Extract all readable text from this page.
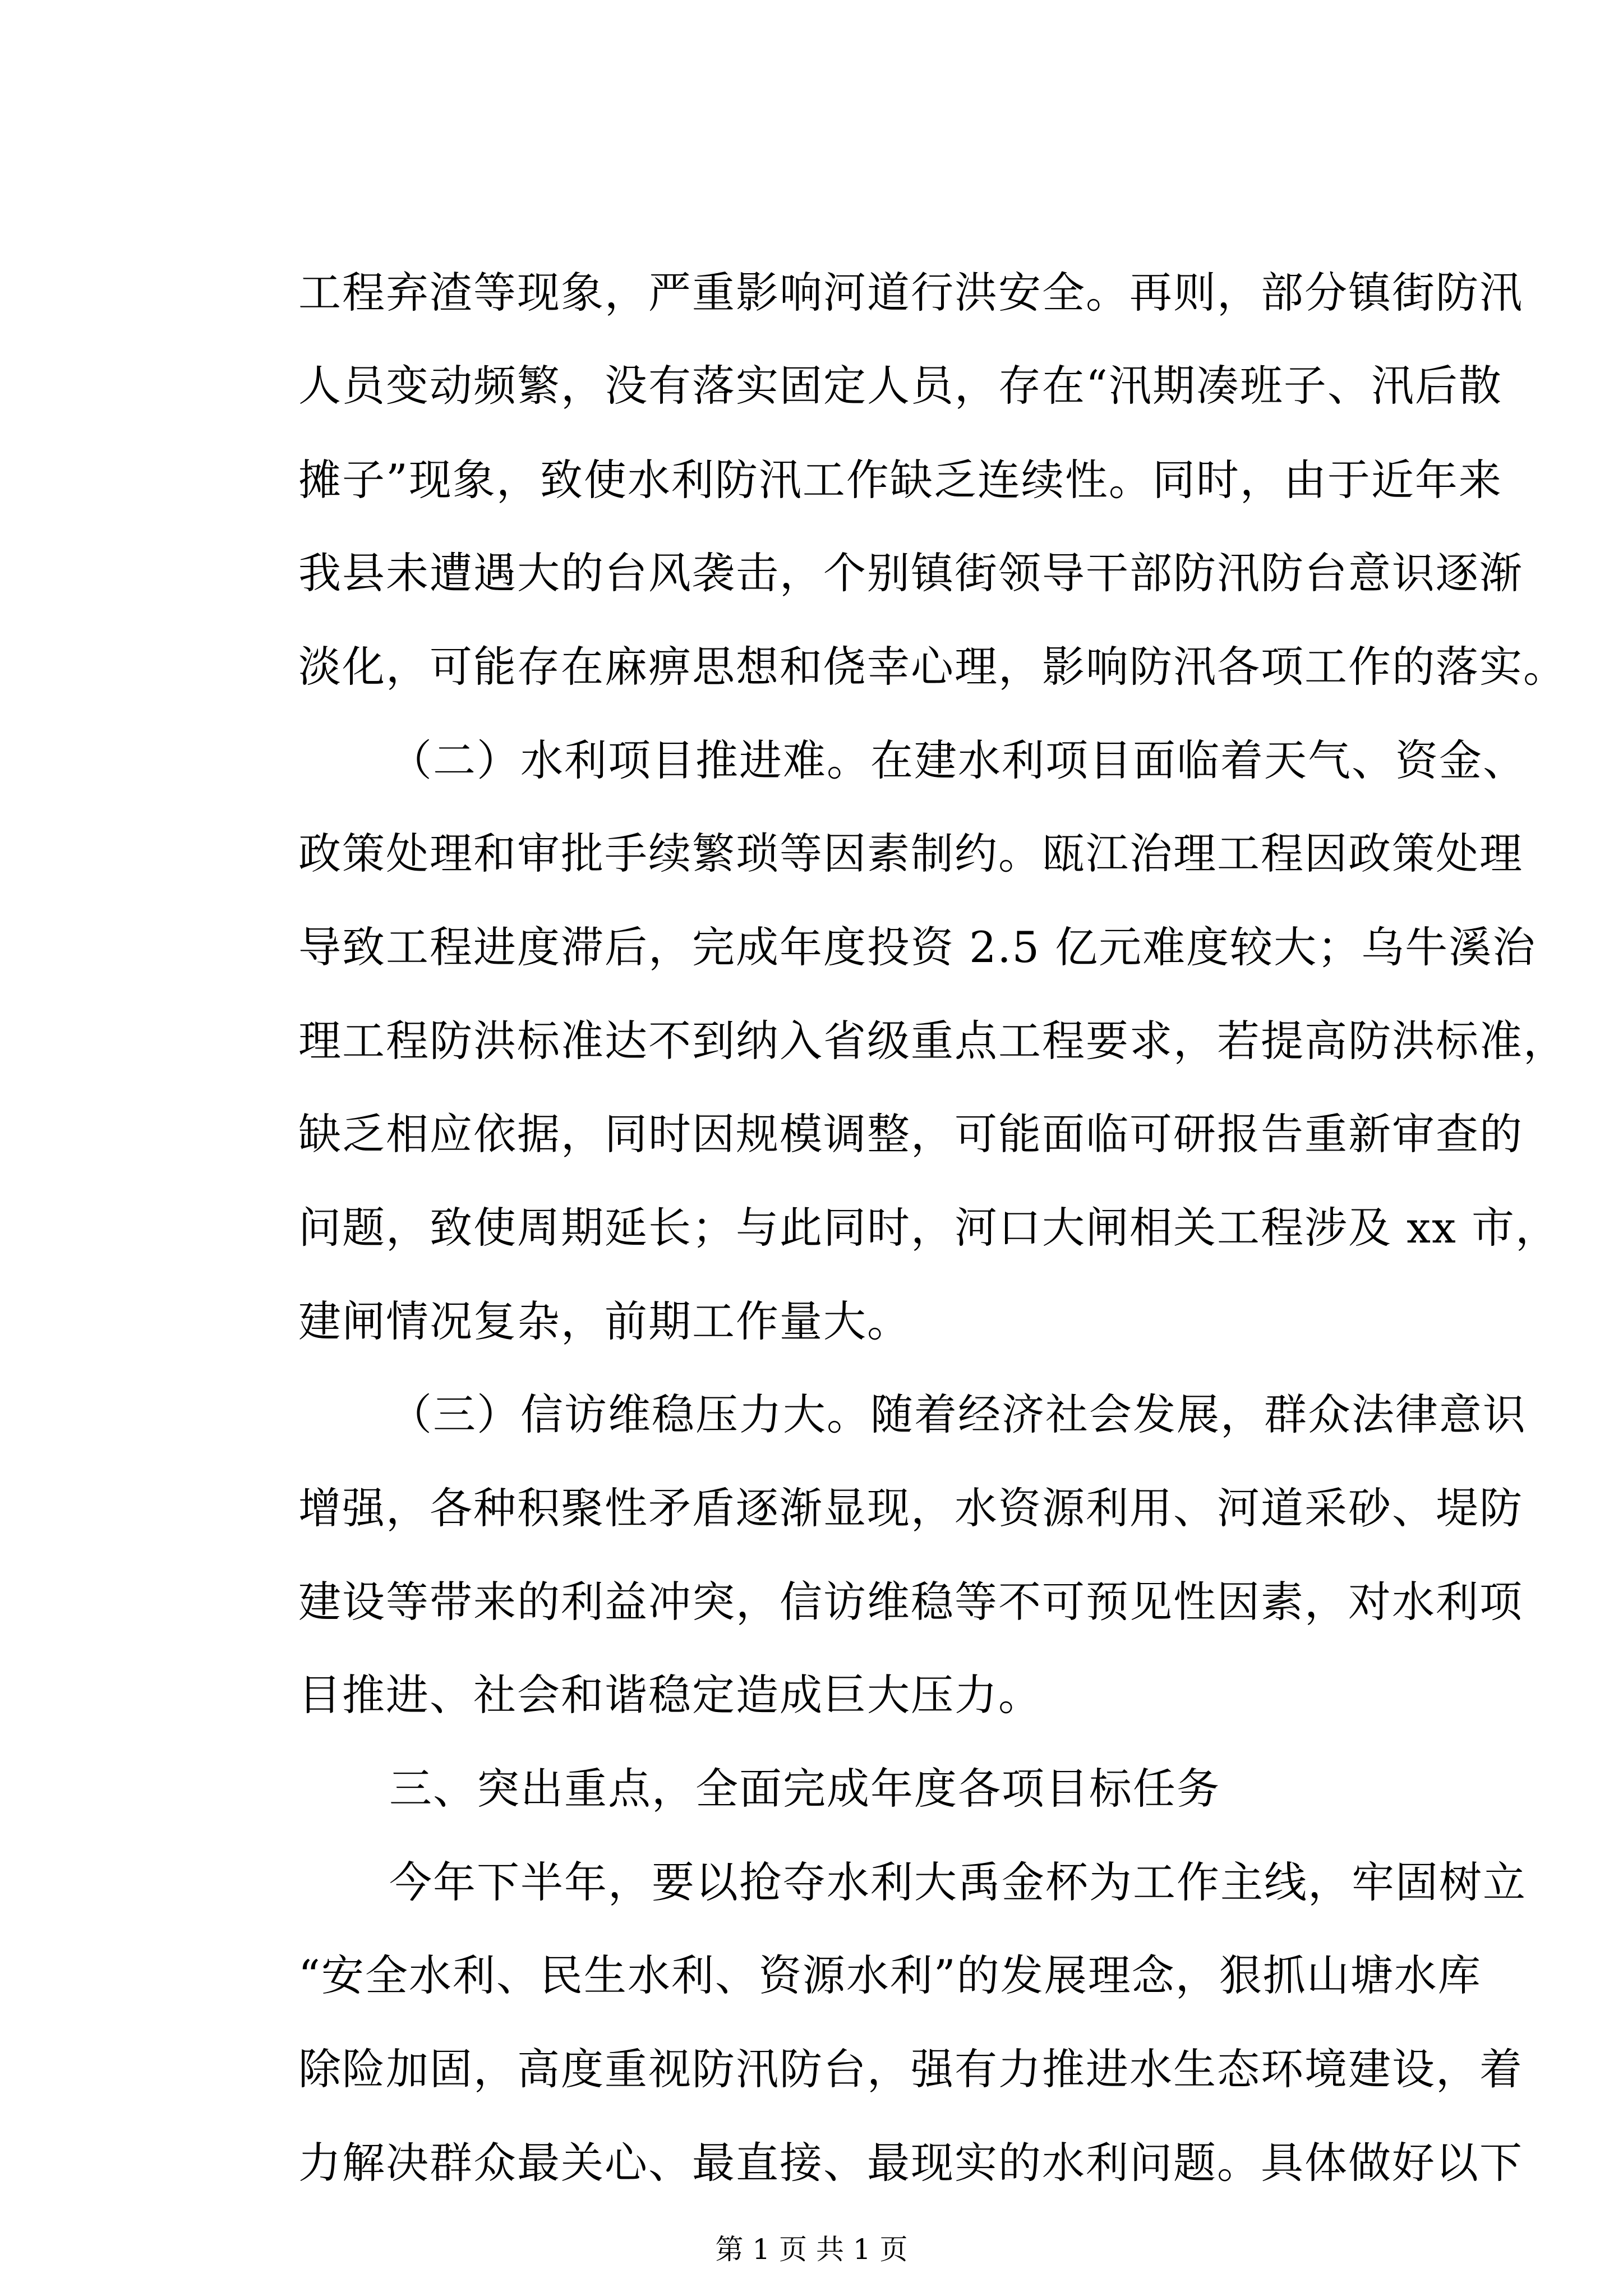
工程弃渣等现象，严重影响河道行洪安全。再则，部分镇街防汛
人员变动频繁，没有落实固定人员，存在“汛期凑班子、汛后散
摊子”现象，致使水利防汛工作缺乏连续性。同时，由于近年来
我县未遭遇大的台风袭击，个别镇街领导干部防汛防台意识逐渐
淡化，可能存在麻痹思想和侥幸心理，影响防汛各项工作的落实。
（二）水利项目推进难。在建水利项目面临着天气、资金、
政策处理和审批手续繁琐等因素制约。瓯江治理工程因政策处理
导致工程进度滞后，完成年度投资 2.5 亿元难度较大；乌牛溪治
理工程防洪标准达不到纳入省级重点工程要求，若提高防洪标准，
缺乏相应依据，同时因规模调整，可能面临可研报告重新审查的
问题，致使周期延长；与此同时，河口大闸相关工程涉及 xx 市，
建闸情况复杂，前期工作量大。
（三）信访维稳压力大。随着经济社会发展，群众法律意识
增强，各种积聚性矛盾逐渐显现，水资源利用、河道采砂、堤防
建设等带来的利益冲突，信访维稳等不可预见性因素，对水利项
目推进、社会和谐稳定造成巨大压力。
三、突出重点，全面完成年度各项目标任务
今年下半年，要以抢夺水利大禹金杯为工作主线，牢固树立
“安全水利、民生水利、资源水利”的发展理念，狠抓山塘水库
除险加固，高度重视防汛防台，强有力推进水生态环境建设，着
力解决群众最关心、最直接、最现实的水利问题。具体做好以下
第 1 页 共 1 页
